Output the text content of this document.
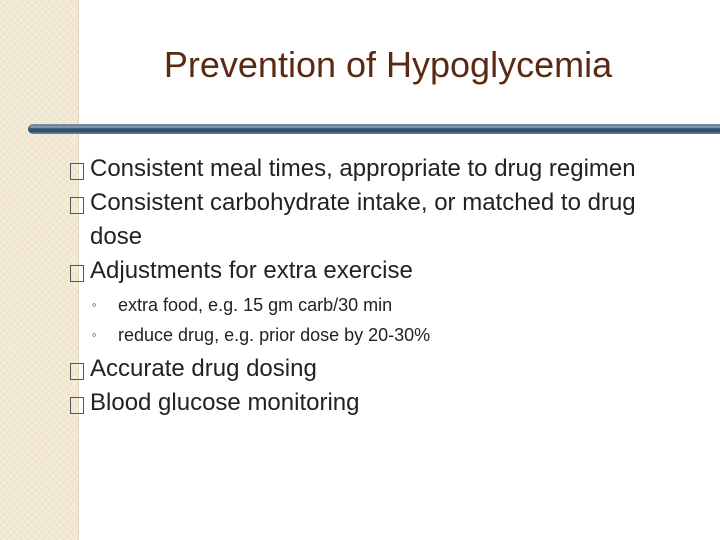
Prevention of Hypoglycemia
Consistent meal times, appropriate to drug regimen
Consistent carbohydrate intake, or matched to drug dose
Adjustments for extra exercise
◦ extra food, e.g. 15 gm carb/30 min
◦ reduce drug, e.g. prior dose by 20-30%
Accurate drug dosing
Blood glucose monitoring
